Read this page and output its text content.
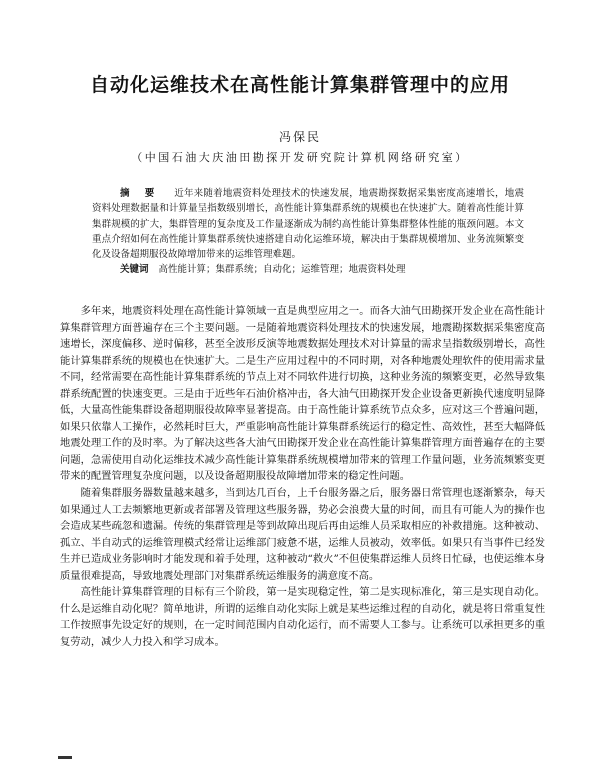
自动化运维技术在高性能计算集群管理中的应用
冯保民
（中国石油大庆油田勘探开发研究院计算机网络研究室）
摘 要 近年来随着地震资料处理技术的快速发展，地震勘探数据采集密度高速增长，地震资料处理数据量和计算量呈指数级别增长，高性能计算集群系统的规模也在快速扩大。随着高性能计算集群规模的扩大，集群管理的复杂度及工作量逐渐成为制约高性能计算集群整体性能的瓶颈问题。本文重点介绍如何在高性能计算集群系统快速搭建自动化运维环境，解决由于集群规模增加、业务流频繁变化及设备超期服役故障增加带来的运维管理难题。
关键词 高性能计算；集群系统；自动化；运维管理；地震资料处理

多年来，地震资料处理在高性能计算领域一直是典型应用之一。而各大油气田勘探开发企业在高性能计算集群管理方面普遍存在三个主要问题。一是随着地震资料处理技术的快速发展，地震勘探数据采集密度高速增长，深度偏移、逆时偏移，甚至全波形反演等地震数据处理技术对计算量的需求呈指数级别增长，高性能计算集群系统的规模也在快速扩大。二是生产应用过程中的不同时期，对各种地震处理软件的使用需求量不同，经常需要在高性能计算集群系统的节点上对不同软件进行切换，这种业务流的频繁变更，必然导致集群系统配置的快速变更。三是由于近些年石油价格冲击，各大油气田勘探开发企业设备更新换代速度明显降低，大量高性能集群设备超期服役故障率显著提高。由于高性能计算系统节点众多，应对这三个普遍问题，如果只依靠人工操作，必然耗时巨大，严重影响高性能计算集群系统运行的稳定性、高效性，甚至大幅降低地震处理工作的及时率。为了解决这些各大油气田勘探开发企业在高性能计算集群管理方面普遍存在的主要问题，急需使用自动化运维技术减少高性能计算集群系统规模增加带来的管理工作量问题，业务流频繁变更带来的配置管理复杂度问题，以及设备超期服役故障增加带来的稳定性问题。

随着集群服务器数量越来越多，当到达几百台，上千台服务器之后，服务器日常管理也逐渐繁杂，每天如果通过人工去频繁地更新或者部署及管理这些服务器，势必会浪费大量的时间，而且有可能人为的操作也会造成某些疏忽和遗漏。传统的集群管理是等到故障出现后再由运维人员采取相应的补救措施。这种被动、孤立、半自动式的运维管理模式经常让运维部门疲惫不堪，运维人员被动，效率低。如果只有当事件已经发生并已造成业务影响时才能发现和着手处理，这种被动“救火”不但使集群运维人员终日忙碌，也使运维本身质量很难提高，导致地震处理部门对集群系统运维服务的满意度不高。

高性能计算集群管理的目标有三个阶段，第一是实现稳定性，第二是实现标准化，第三是实现自动化。什么是运维自动化呢？简单地讲，所谓的运维自动化实际上就是某些运维过程的自动化，就是将日常重复性工作按照事先设定好的规则，在一定时间范围内自动化运行，而不需要人工参与。让系统可以承担更多的重复劳动，减少人力投入和学习成本。
